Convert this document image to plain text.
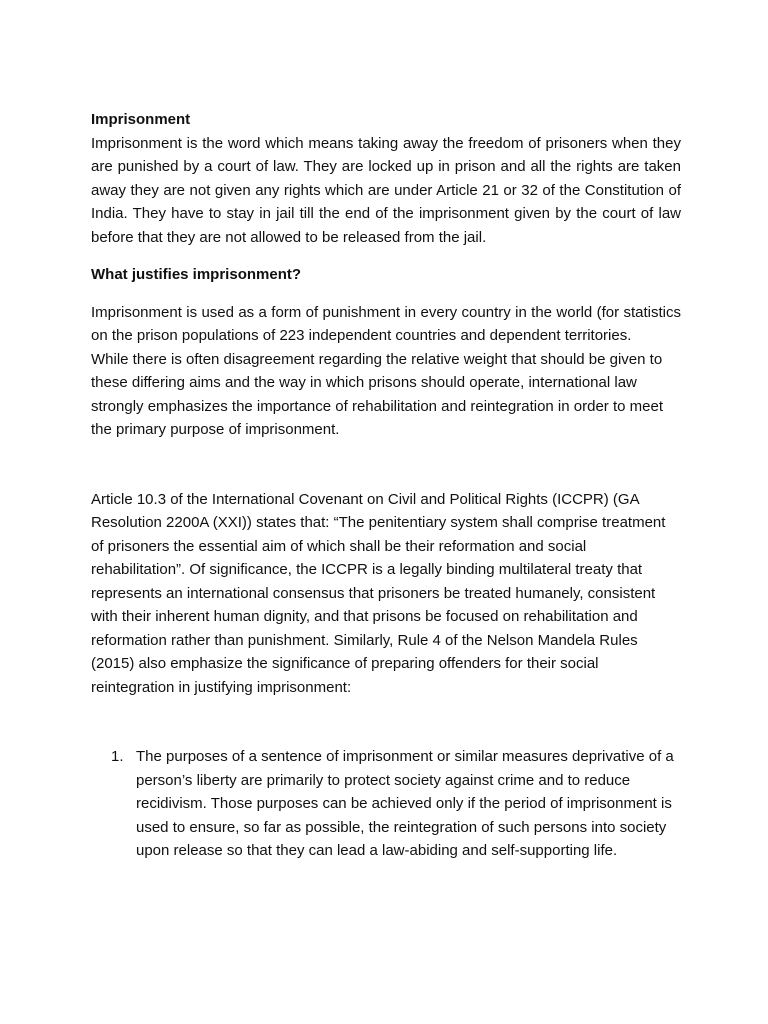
Imprisonment

Imprisonment is the word which means taking away the freedom of prisoners when they are punished by a court of law. They are locked up in prison and all the rights are taken away they are not given any rights which are under Article 21 or 32 of the Constitution of India. They have to stay in jail till the end of the imprisonment given by the court of law before that they are not allowed to be released from the jail.

What justifies imprisonment?

Imprisonment is used as a form of punishment in every country in the world (for statistics on the prison populations of 223 independent countries and dependent territories.

While there is often disagreement regarding the relative weight that should be given to these differing aims and the way in which prisons should operate, international law strongly emphasizes the importance of rehabilitation and reintegration in order to meet the primary purpose of imprisonment.

Article 10.3 of the International Covenant on Civil and Political Rights (ICCPR) (GA Resolution 2200A (XXI)) states that: “The penitentiary system shall comprise treatment of prisoners the essential aim of which shall be their reformation and social rehabilitation”. Of significance, the ICCPR is a legally binding multilateral treaty that represents an international consensus that prisoners be treated humanely, consistent with their inherent human dignity, and that prisons be focused on rehabilitation and reformation rather than punishment. Similarly, Rule 4 of the Nelson Mandela Rules (2015) also emphasize the significance of preparing offenders for their social reintegration in justifying imprisonment:

1. The purposes of a sentence of imprisonment or similar measures deprivative of a person’s liberty are primarily to protect society against crime and to reduce recidivism. Those purposes can be achieved only if the period of imprisonment is used to ensure, so far as possible, the reintegration of such persons into society upon release so that they can lead a law-abiding and self-supporting life.
